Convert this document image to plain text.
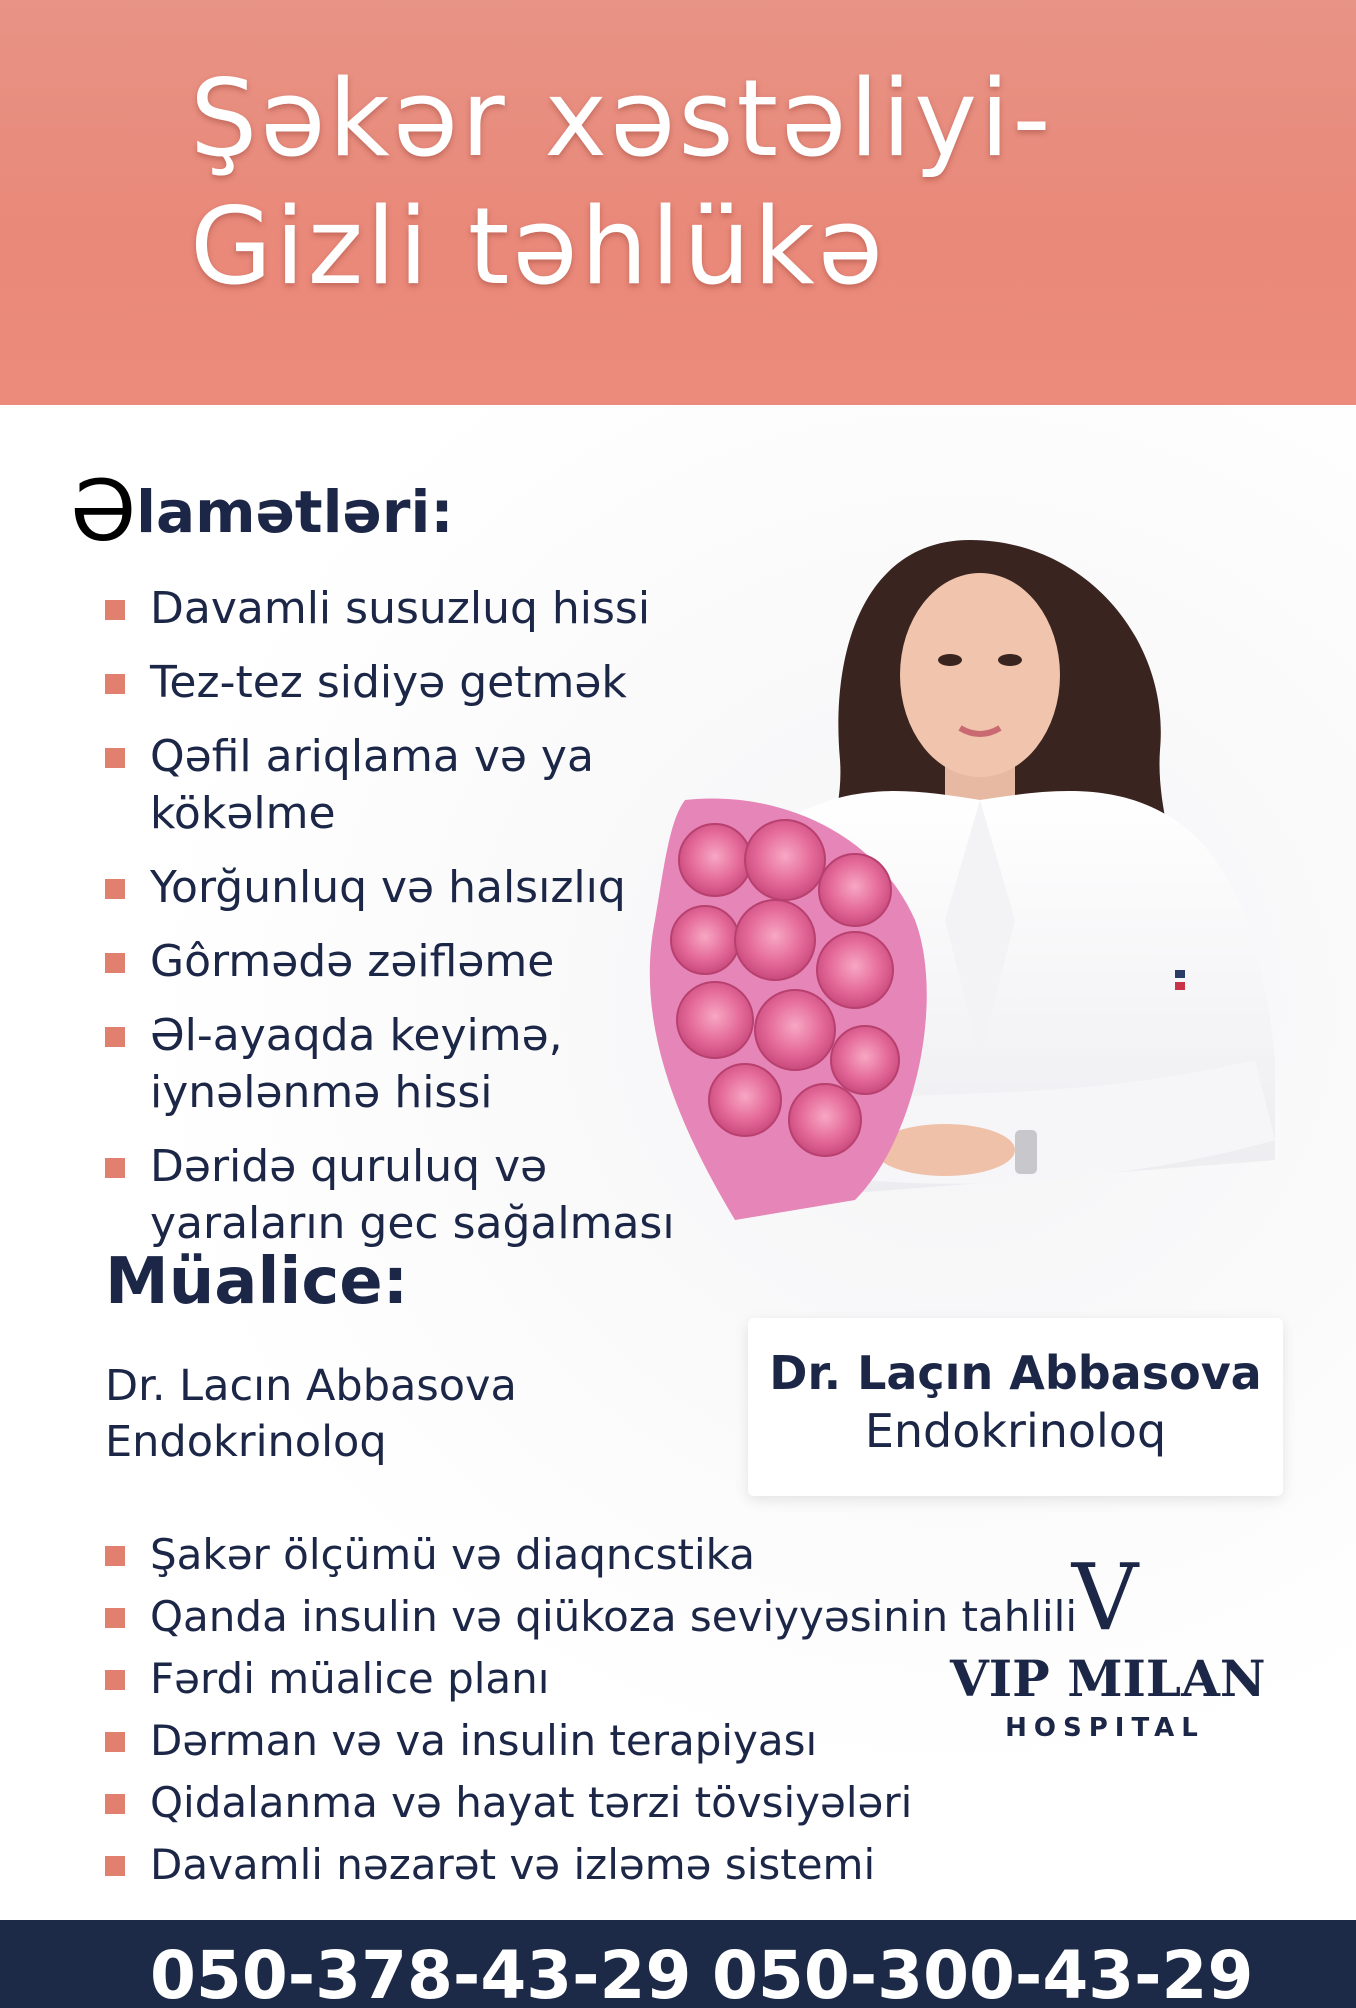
Şəkər xəstəliyi-
Gizli təhlükə
Əlamətləri:
Davamli susuzluq hissi
Tez-tez sidiyə getmək
Qəfil ariqlama və ya kökəlme
Yorğunluq və halsızlıq
Gôrmədə zəifləme
Əl-ayaqda keyimə, iynələnmə hissi
Dəridə quruluq və yaraların gec sağalması
Müalice:
Dr. Lacın Abbasova
Endokrinoloq
Dr. Laçın Abbasova
Endokrinoloq
Şakər ölçümü və diaqncstika
Qanda insulin və qiükoza seviyyəsinin tahlili
Fərdi müalice planı
Dərman və va insulin terapiyası
Qidalanma və hayat tərzi tövsiyələri
Davamli nəzarət və izləmə sistemi
V
VIP MILAN
HOSPITAL
050-378-43-29 050-300-43-29
